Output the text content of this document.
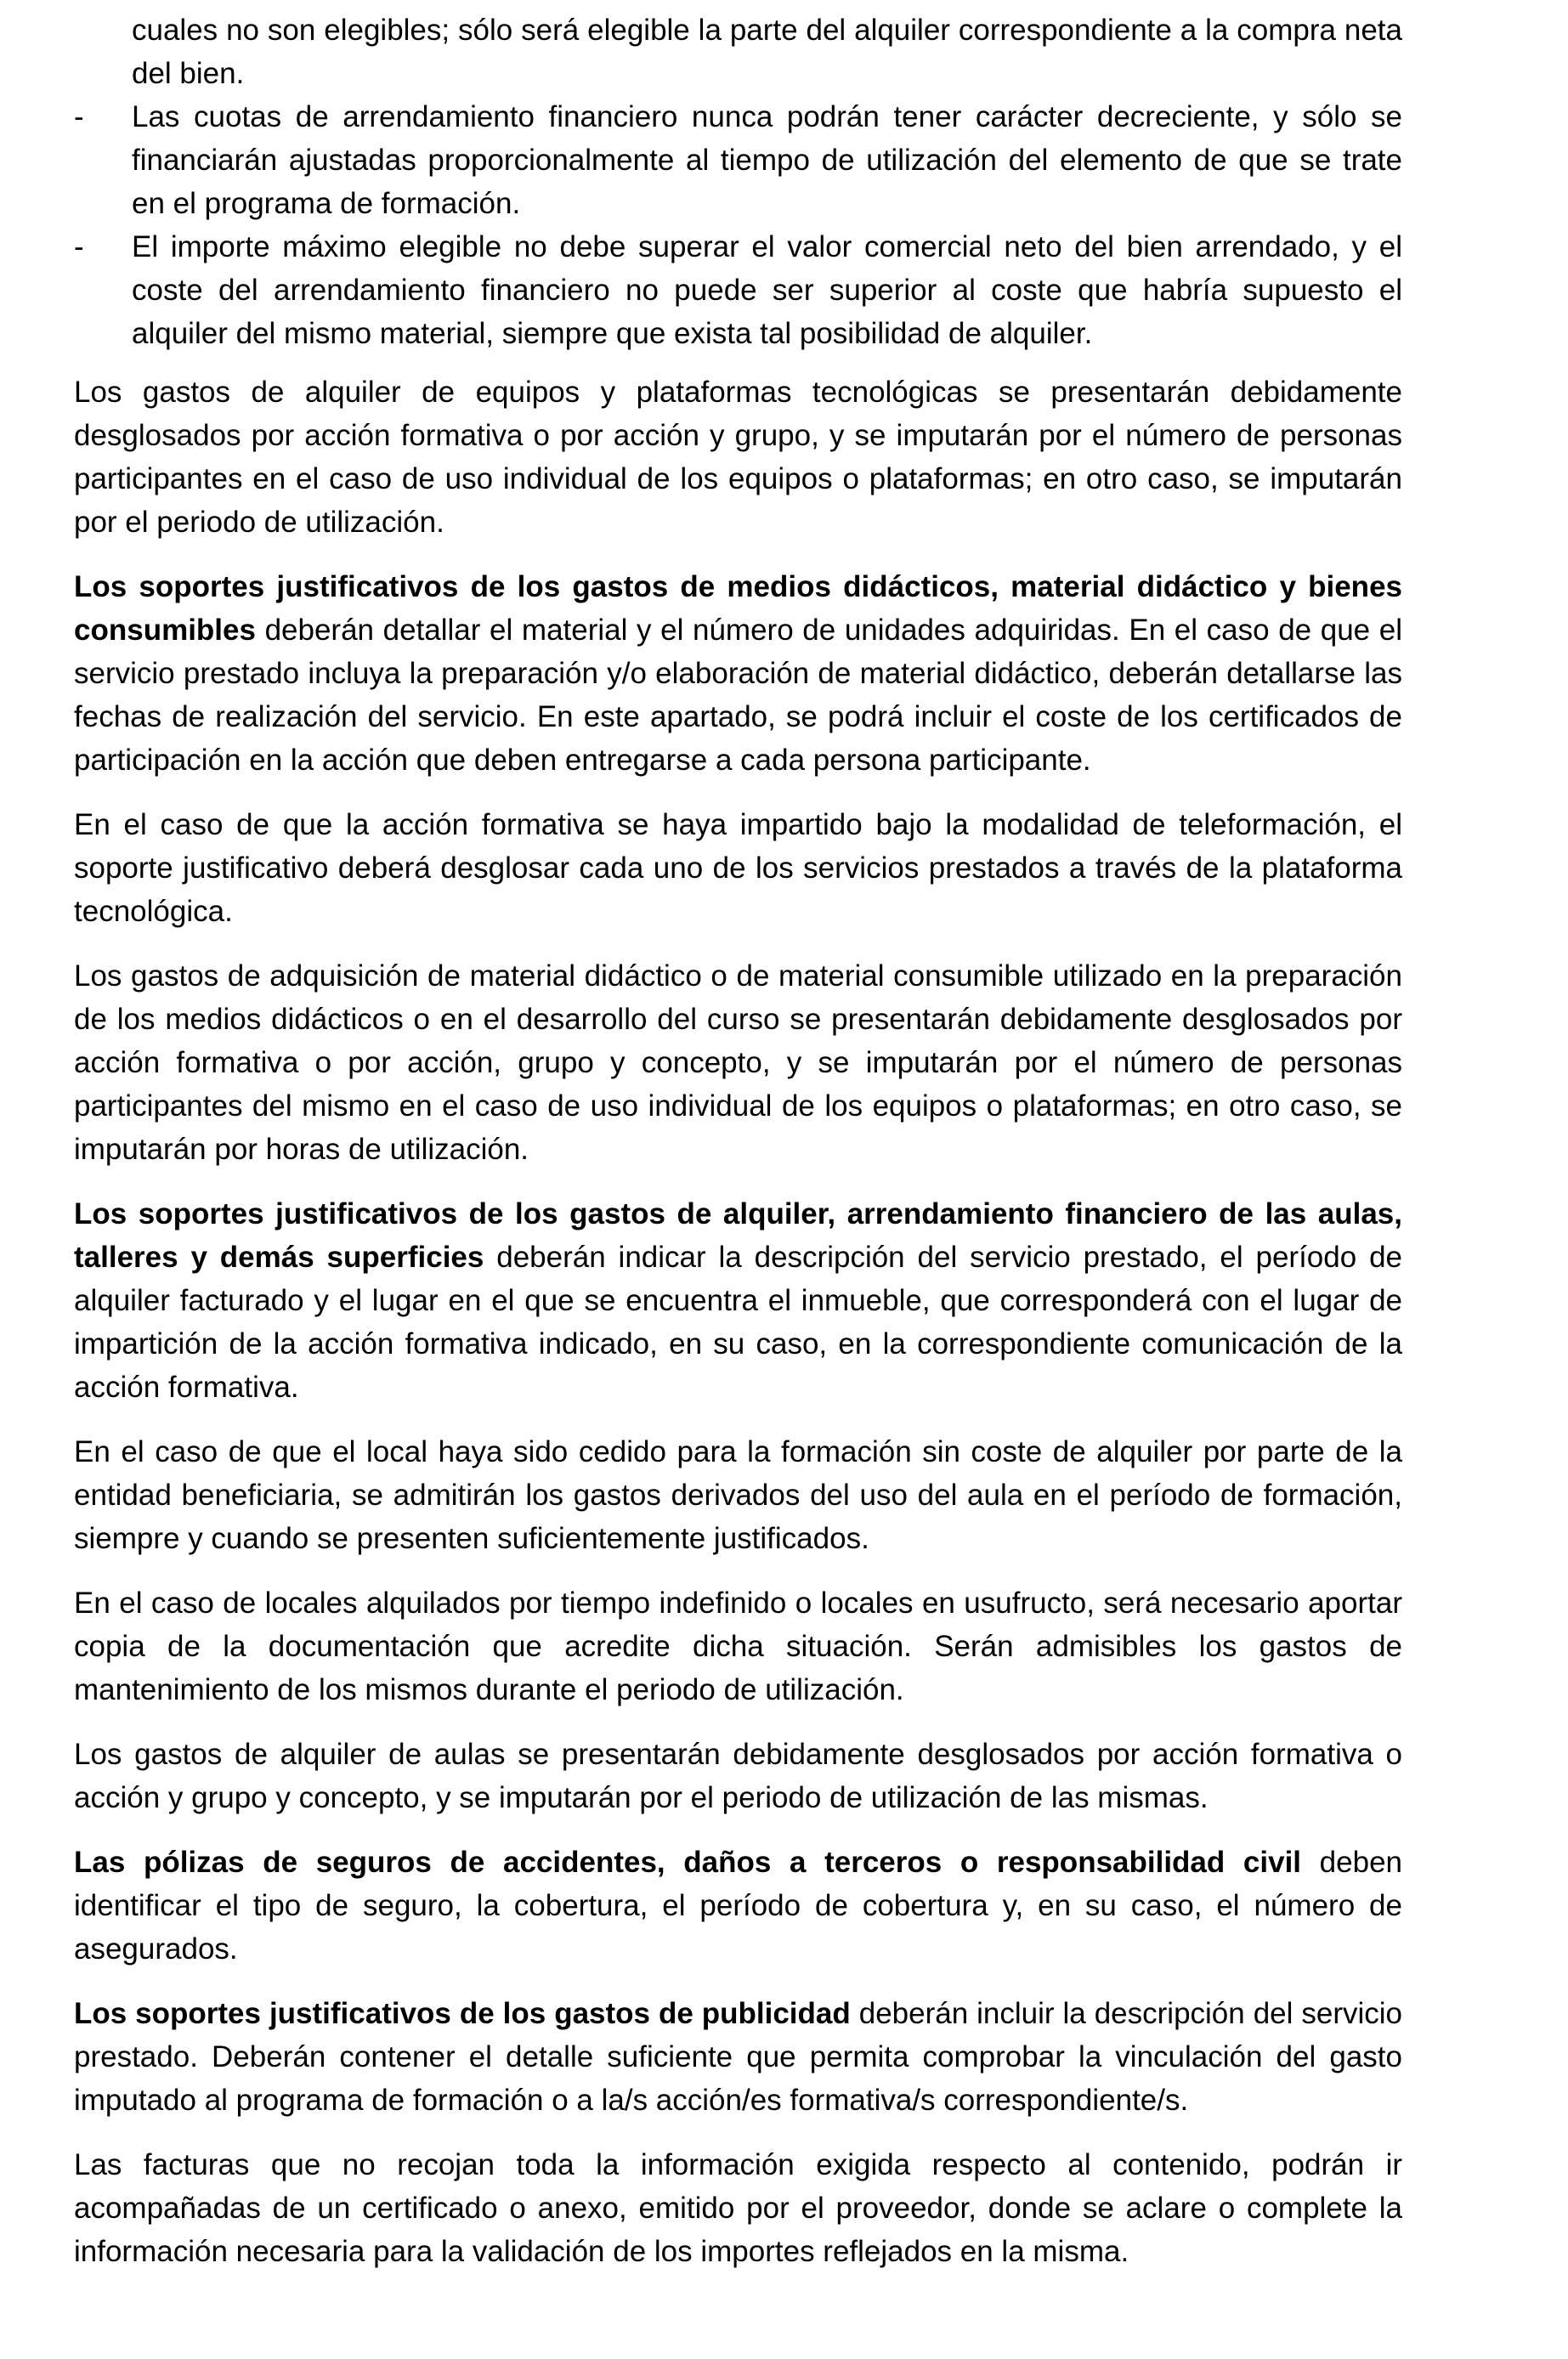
cuales no son elegibles; sólo será elegible la parte del alquiler correspondiente a la compra neta del bien.
- Las cuotas de arrendamiento financiero nunca podrán tener carácter decreciente, y sólo se financiarán ajustadas proporcionalmente al tiempo de utilización del elemento de que se trate en el programa de formación.
- El importe máximo elegible no debe superar el valor comercial neto del bien arrendado, y el coste del arrendamiento financiero no puede ser superior al coste que habría supuesto el alquiler del mismo material, siempre que exista tal posibilidad de alquiler.

Los gastos de alquiler de equipos y plataformas tecnológicas se presentarán debidamente desglosados por acción formativa o por acción y grupo, y se imputarán por el número de personas participantes en el caso de uso individual de los equipos o plataformas; en otro caso, se imputarán por el periodo de utilización.

Los soportes justificativos de los gastos de medios didácticos, material didáctico y bienes consumibles deberán detallar el material y el número de unidades adquiridas. En el caso de que el servicio prestado incluya la preparación y/o elaboración de material didáctico, deberán detallarse las fechas de realización del servicio. En este apartado, se podrá incluir el coste de los certificados de participación en la acción que deben entregarse a cada persona participante.

En el caso de que la acción formativa se haya impartido bajo la modalidad de teleformación, el soporte justificativo deberá desglosar cada uno de los servicios prestados a través de la plataforma tecnológica.

Los gastos de adquisición de material didáctico o de material consumible utilizado en la preparación de los medios didácticos o en el desarrollo del curso se presentarán debidamente desglosados por acción formativa o por acción, grupo y concepto, y se imputarán por el número de personas participantes del mismo en el caso de uso individual de los equipos o plataformas; en otro caso, se imputarán por horas de utilización.

Los soportes justificativos de los gastos de alquiler, arrendamiento financiero de las aulas, talleres y demás superficies deberán indicar la descripción del servicio prestado, el período de alquiler facturado y el lugar en el que se encuentra el inmueble, que corresponderá con el lugar de impartición de la acción formativa indicado, en su caso, en la correspondiente comunicación de la acción formativa.

En el caso de que el local haya sido cedido para la formación sin coste de alquiler por parte de la entidad beneficiaria, se admitirán los gastos derivados del uso del aula en el período de formación, siempre y cuando se presenten suficientemente justificados.

En el caso de locales alquilados por tiempo indefinido o locales en usufructo, será necesario aportar copia de la documentación que acredite dicha situación. Serán admisibles los gastos de mantenimiento de los mismos durante el periodo de utilización.

Los gastos de alquiler de aulas se presentarán debidamente desglosados por acción formativa o acción y grupo y concepto, y se imputarán por el periodo de utilización de las mismas.

Las pólizas de seguros de accidentes, daños a terceros o responsabilidad civil deben identificar el tipo de seguro, la cobertura, el período de cobertura y, en su caso, el número de asegurados.

Los soportes justificativos de los gastos de publicidad deberán incluir la descripción del servicio prestado. Deberán contener el detalle suficiente que permita comprobar la vinculación del gasto imputado al programa de formación o a la/s acción/es formativa/s correspondiente/s.

Las facturas que no recojan toda la información exigida respecto al contenido, podrán ir acompañadas de un certificado o anexo, emitido por el proveedor, donde se aclare o complete la información necesaria para la validación de los importes reflejados en la misma.
